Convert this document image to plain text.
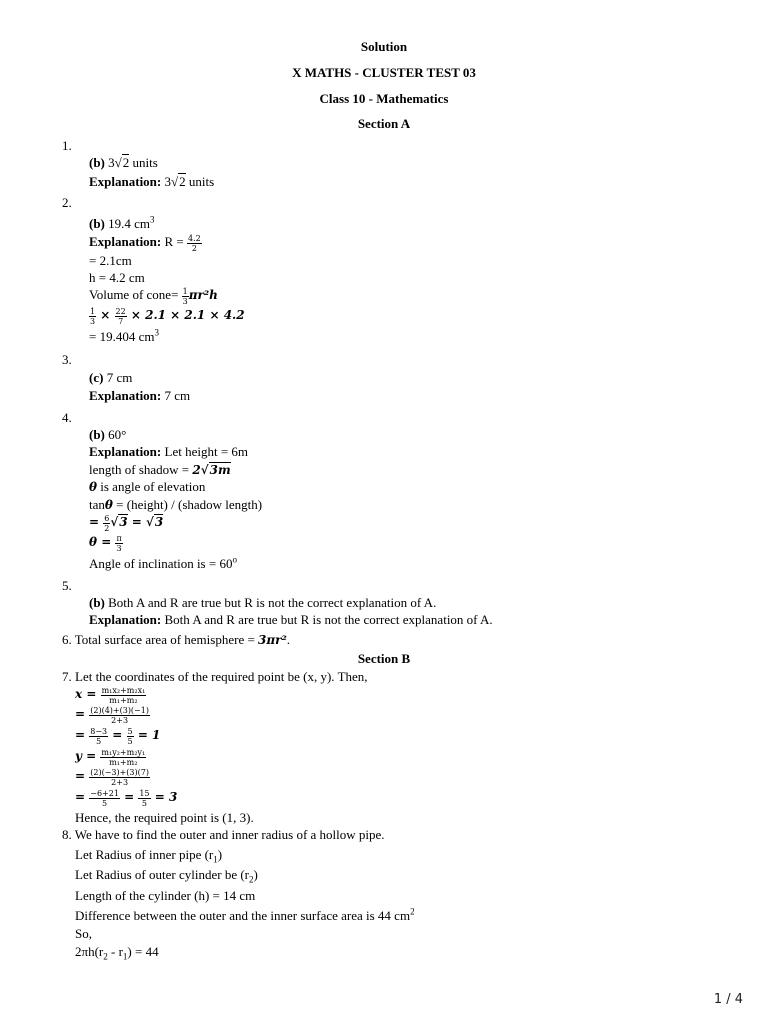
Solution
X MATHS - CLUSTER TEST 03
Class 10 - Mathematics
Section A
1.
(b) 3√2 units
Explanation: 3√2 units
2.
(b) 19.4 $cm^3$
Explanation: $R = \frac{4.2}{2}$
= 2.1cm
h = 4.2 cm
Volume of cone= $\frac{1}{3} \pi r^2h$
$\frac{1}{3} \times \frac{22}{7} \times 2.1 \times 2.1 \times 4.2$
= 19.404 $cm^3$
3.
(c) 7 cm
Explanation: 7 cm
4.
(b) 60°
Explanation: Let height = 6m
length of shadow = 2√3m
θ is angle of elevation
tanθ = (height) / (shadow length)
= $\frac{6}{2} √3 = √3$
$\theta = \frac{\pi}{3}$
Angle of inclination is = $60^o$
5.
(b) Both A and R are true but R is not the correct explanation of A.
Explanation: Both A and R are true but R is not the correct explanation of A.
6. Total surface area of hemisphere = 3πr².
Section B
7. Let the coordinates of the required point be (x, y). Then,
$x = \frac{\text{m₁x₂+m₂x₁}}{\text{m₁+m₂}}$
= $\frac{(2)(4)+(3)(-1)}{2+3}$
= $\frac{8-3}{5} = \frac{5}{5} = 1$
$y = \frac{\text{m₁y₂+m₂y₁}}{\text{m₁+m₂}}$
= $\frac{(2)(-3)+(3)(7)}{2+3}$
= $\frac{-6+21}{5} = \frac{15}{5} = 3$
Hence, the required point is (1, 3).
8. We have to find the outer and inner radius of a hollow pipe.
Let Radius of inner pipe $(r_1)$
Let Radius of outer cylinder be $(r_2)$
Length of the cylinder (h) = 14 cm
Difference between the outer and the inner surface area is 44 $cm^2$
So,
$2\pi h(r_2 - r_1) = 44$
1 / 4
